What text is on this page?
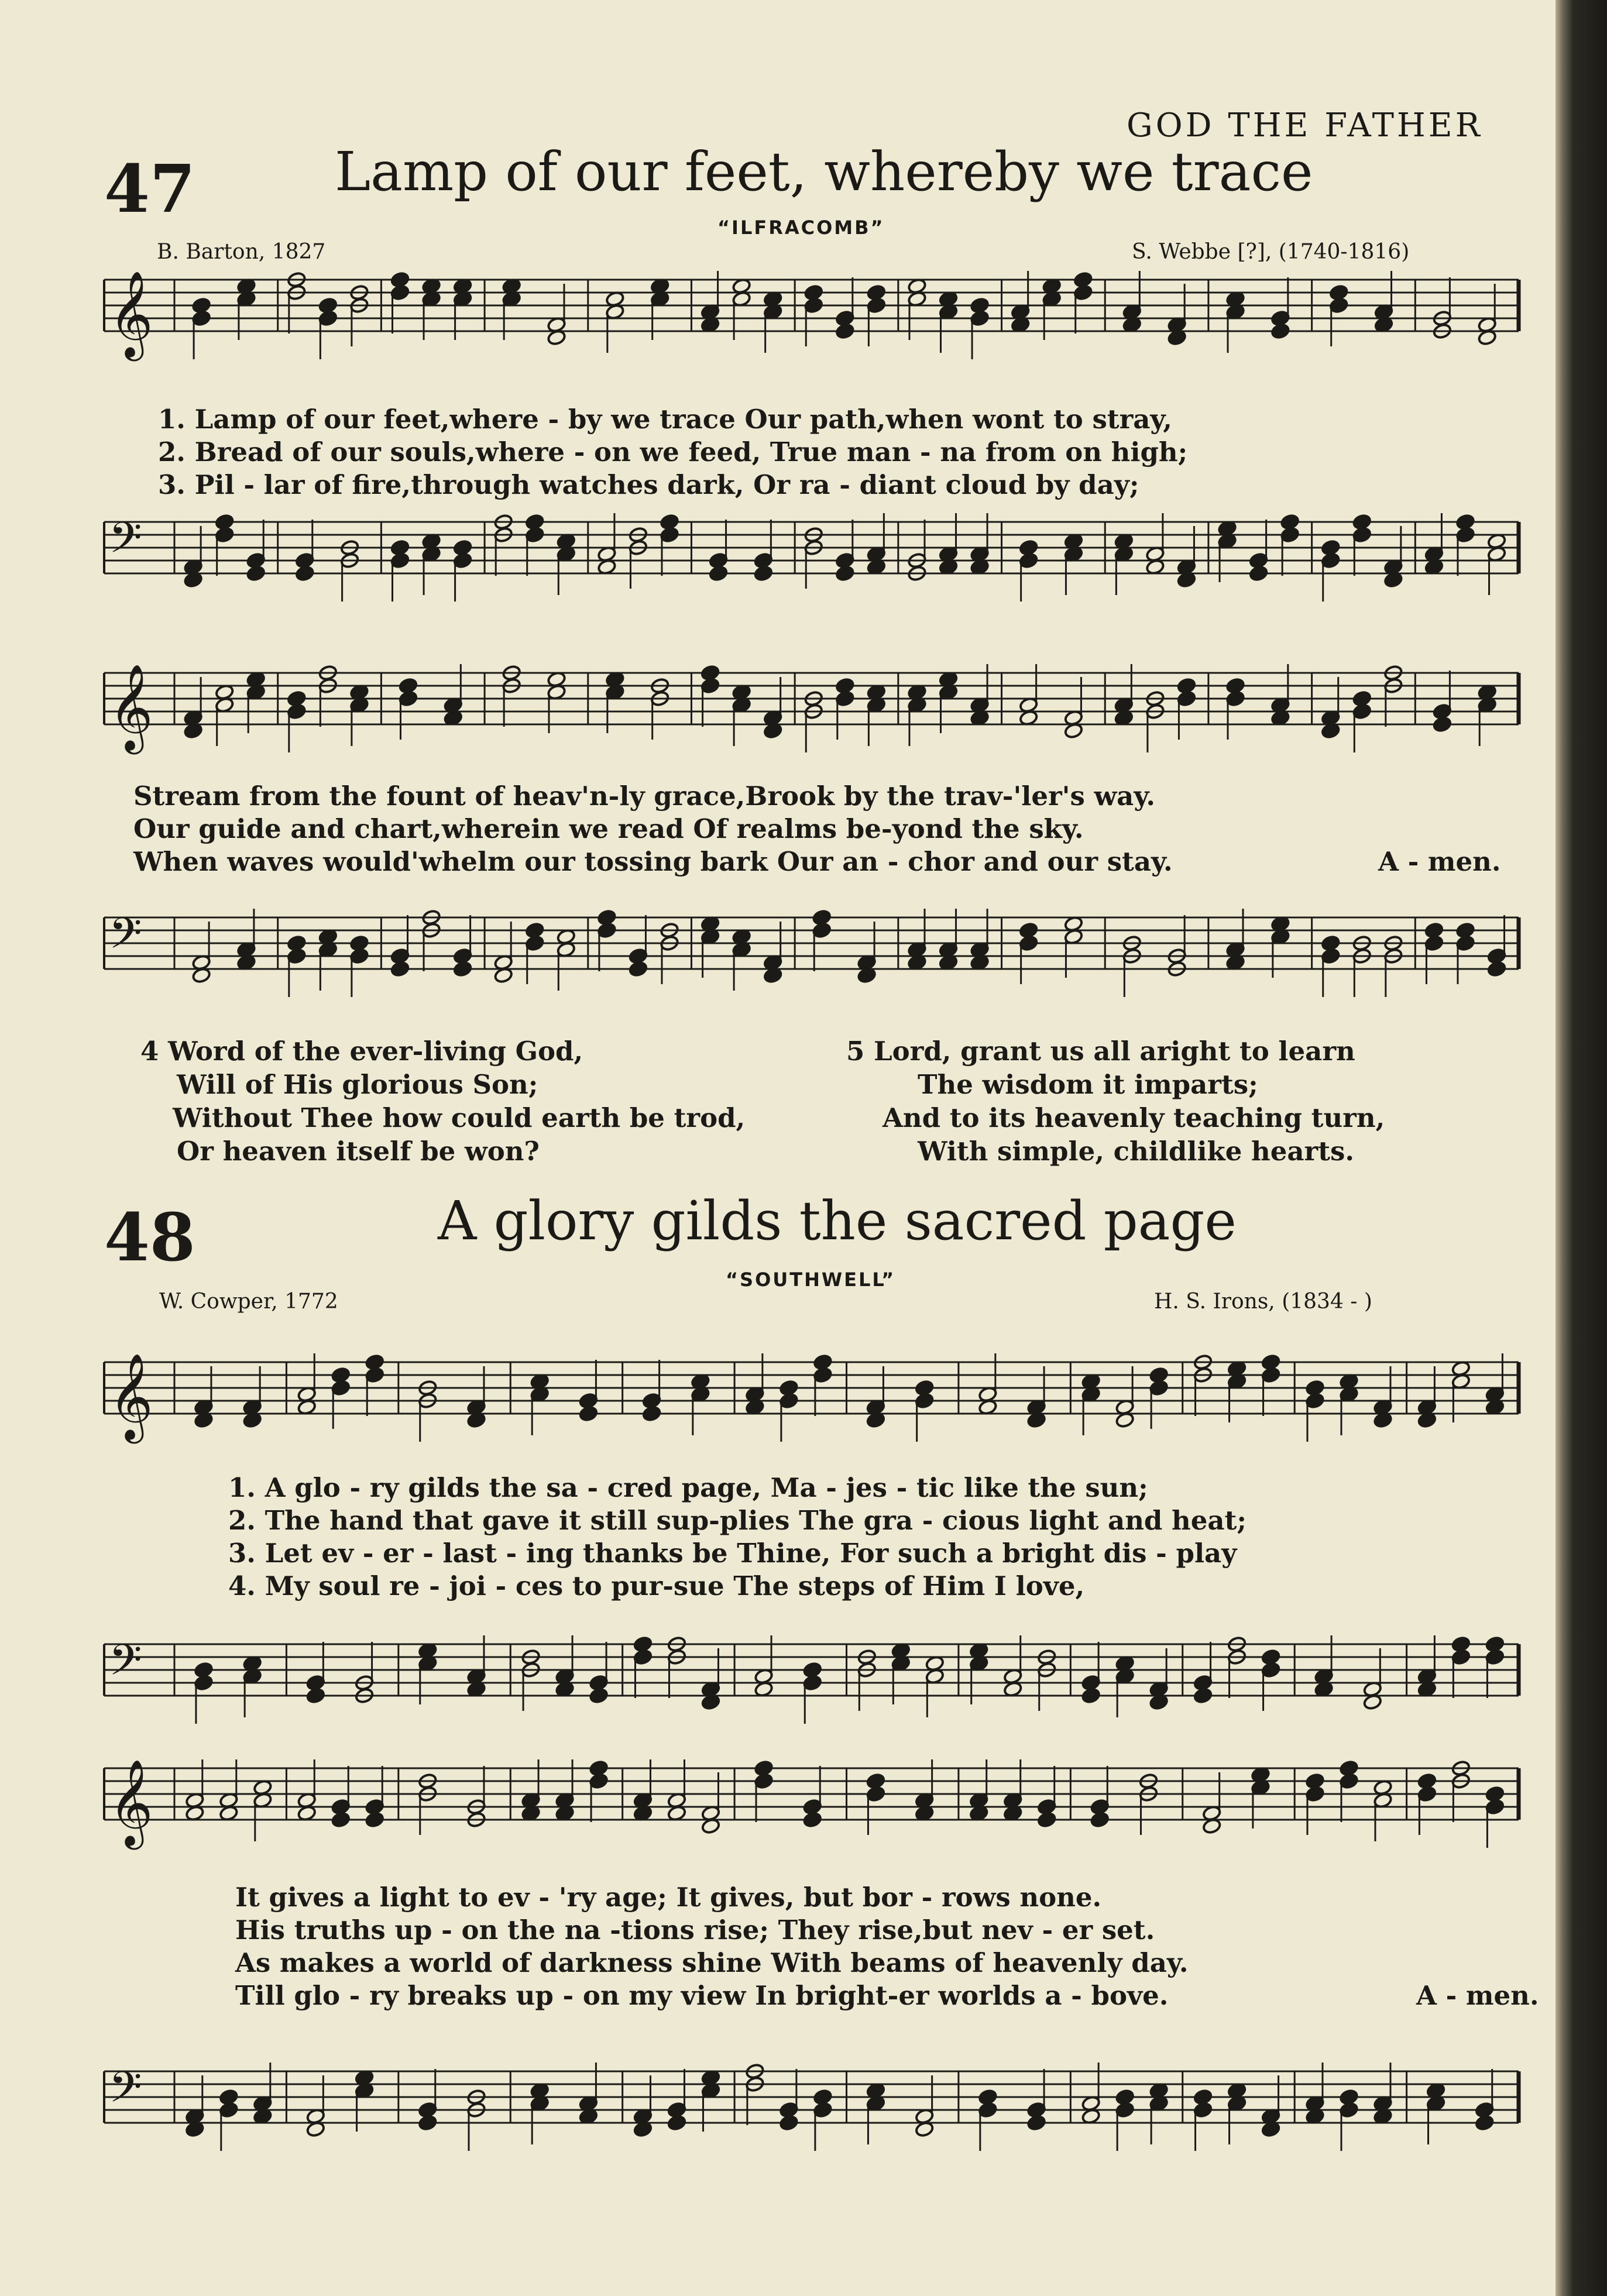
GOD THE FATHER
47	Lamp of our feet, whereby we trace
“ILFRACOMB”
B. Barton, 1827	S. Webbe [?], (1740-1816)
1. Lamp of our feet,where - by we trace Our path,when wont to stray,
2. Bread of our souls,where - on we feed, True man - na from on high;
3. Pil - lar of fire,through watches dark, Or ra - diant cloud by day;
Stream from the fount of heav'n-ly grace,Brook by the trav-'ler's way.
Our guide and chart,wherein we read Of realms be-yond the sky.
When waves would'whelm our tossing bark Our an - chor and our stay.	A - men.
4 Word of the ever-living God,
Will of His glorious Son;
Without Thee how could earth be trod,
Or heaven itself be won?
5 Lord, grant us all aright to learn
The wisdom it imparts;
And to its heavenly teaching turn,
With simple, childlike hearts.
48	A glory gilds the sacred page
“SOUTHWELL”
W. Cowper, 1772	H. S. Irons, (1834 - )
1. A glo - ry gilds the sa - cred page, Ma - jes - tic like the sun;
2. The hand that gave it still sup-plies The gra - cious light and heat;
3. Let ev - er - last - ing thanks be Thine, For such a bright dis - play
4. My soul re - joi - ces to pur-sue The steps of Him I love,
It gives a light to ev - 'ry age; It gives, but bor - rows none.
His truths up - on the na -tions rise; They rise,but nev - er set.
As makes a world of darkness shine With beams of heavenly day.
Till glo - ry breaks up - on my view In bright-er worlds a - bove.	A - men.
𝄞
𝄢
𝄞
𝄢
𝄞
𝄢
𝄞
𝄢
